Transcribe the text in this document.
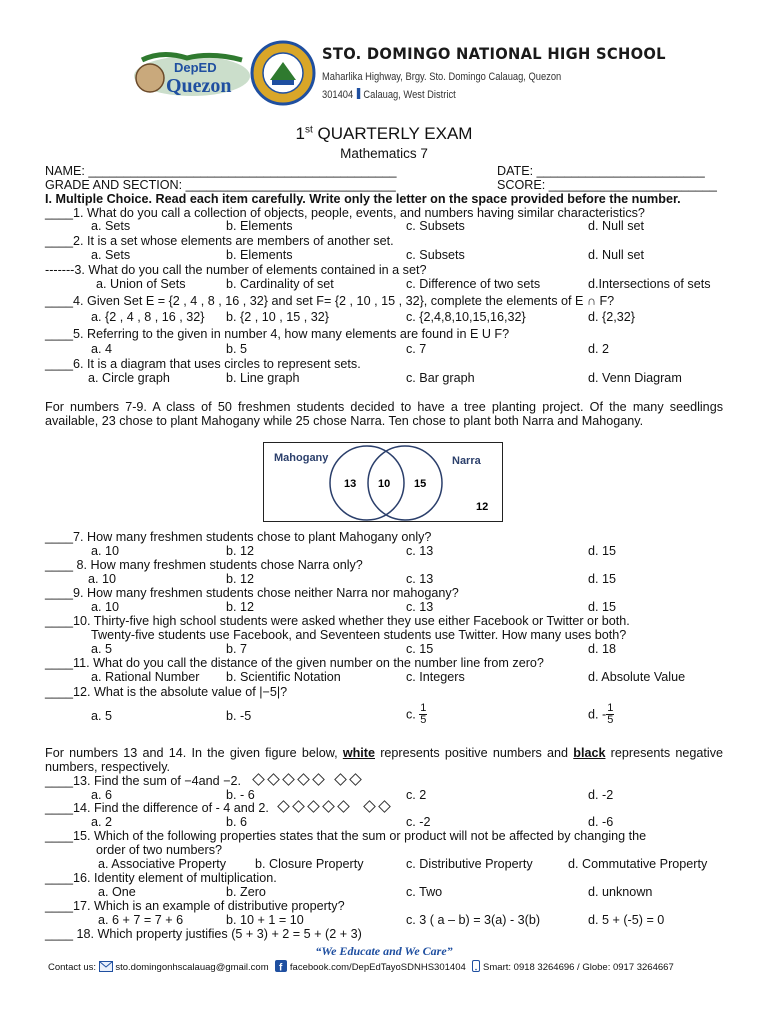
DepED
Quezon
STO. DOMINGO NATIONAL HIGH SCHOOL
Maharlika Highway, Brgy. Sto. Domingo Calauag, Quezon
301404 Calauag, West District
1st QUARTERLY EXAM
Mathematics 7
NAME: ____________________________________________	DATE: ________________________
GRADE AND SECTION: ______________________________	SCORE: ________________________
I. Multiple Choice. Read each item carefully. Write only the letter on the space provided before the number.
____1. What do you call a collection of objects, people, events, and numbers having similar characteristics?
a. Sets	b. Elements	c. Subsets	d. Null set
____2. It is a set whose elements are members of another set.
a. Sets	b. Elements	c. Subsets	d. Null set
-------3. What do you call the number of elements contained in a set?
a. Union of Sets	b. Cardinality of set	c. Difference of two sets	d.Intersections of sets
____4. Given Set E = {2 , 4 , 8 , 16 , 32} and set F= {2 , 10 , 15 , 32}, complete the elements of E ∩ F?
a. {2 , 4 , 8 , 16 , 32} b. {2 , 10 , 15 , 32}	c. {2,4,8,10,15,16,32}	d. {2,32}
____5. Referring to the given in number 4, how many elements are found in E U F?
a. 4	b. 5	c. 7	d. 2
____6. It is a diagram that uses circles to represent sets.
a. Circle graph	b. Line graph	c. Bar graph	d. Venn Diagram
For numbers 7-9. A class of 50 freshmen students decided to have a tree planting project. Of the many seedlings available, 23 chose to plant Mahogany while 25 chose Narra. Ten chose to plant both Narra and Mahogany.
Mahogany	Narra
13 10 15
12
____7. How many freshmen students chose to plant Mahogany only?
a. 10	b. 12	c. 13	d. 15
____ 8. How many freshmen students chose Narra only?
a. 10	b. 12	c. 13	d. 15
____9. How many freshmen students chose neither Narra nor mahogany?
a. 10	b. 12	c. 13	d. 15
____10. Thirty-five high school students were asked whether they use either Facebook or Twitter or both.
Twenty-five students use Facebook, and Seventeen students use Twitter. How many uses both?
a. 5	b. 7	c. 15	d. 18
____11. What do you call the distance of the given number on the number line from zero?
a. Rational Number b. Scientific Notation	c. Integers	d. Absolute Value
____12. What is the absolute value of |−5|?
a. 5	b. -5	c. $\frac{1}{5}$	d. - $\frac{1}{5}$
For numbers 13 and 14. In the given figure below, white represents positive numbers and black represents negative numbers, respectively.
____13. Find the sum of −4and −2.
a. 6	b. - 6	c. 2	d. -2
____14. Find the difference of - 4 and 2.
a. 2	b. 6	c. -2	d. -6
____15. Which of the following properties states that the sum or product will not be affected by changing the
order of two numbers?
a. Associative Property b. Closure Property	c. Distributive Property	d. Commutative Property
____16. Identity element of multiplication.
a. One	b. Zero	c. Two	d. unknown
____17. Which is an example of distributive property?
a. 6 + 7 = 7 + 6	b. 10 + 1 = 10	c. 3 ( a – b) = 3(a) - 3(b)	d. 5 + (-5) = 0
____ 18. Which property justifies (5 + 3) + 2 = 5 + (2 + 3)
“We Educate and We Care”
Contact us: sto.domingonhscalauag@gmail.com f facebook.com/DepEdTayoSDNHS301404 Smart: 0918 3264696 / Globe: 0917 3264667
